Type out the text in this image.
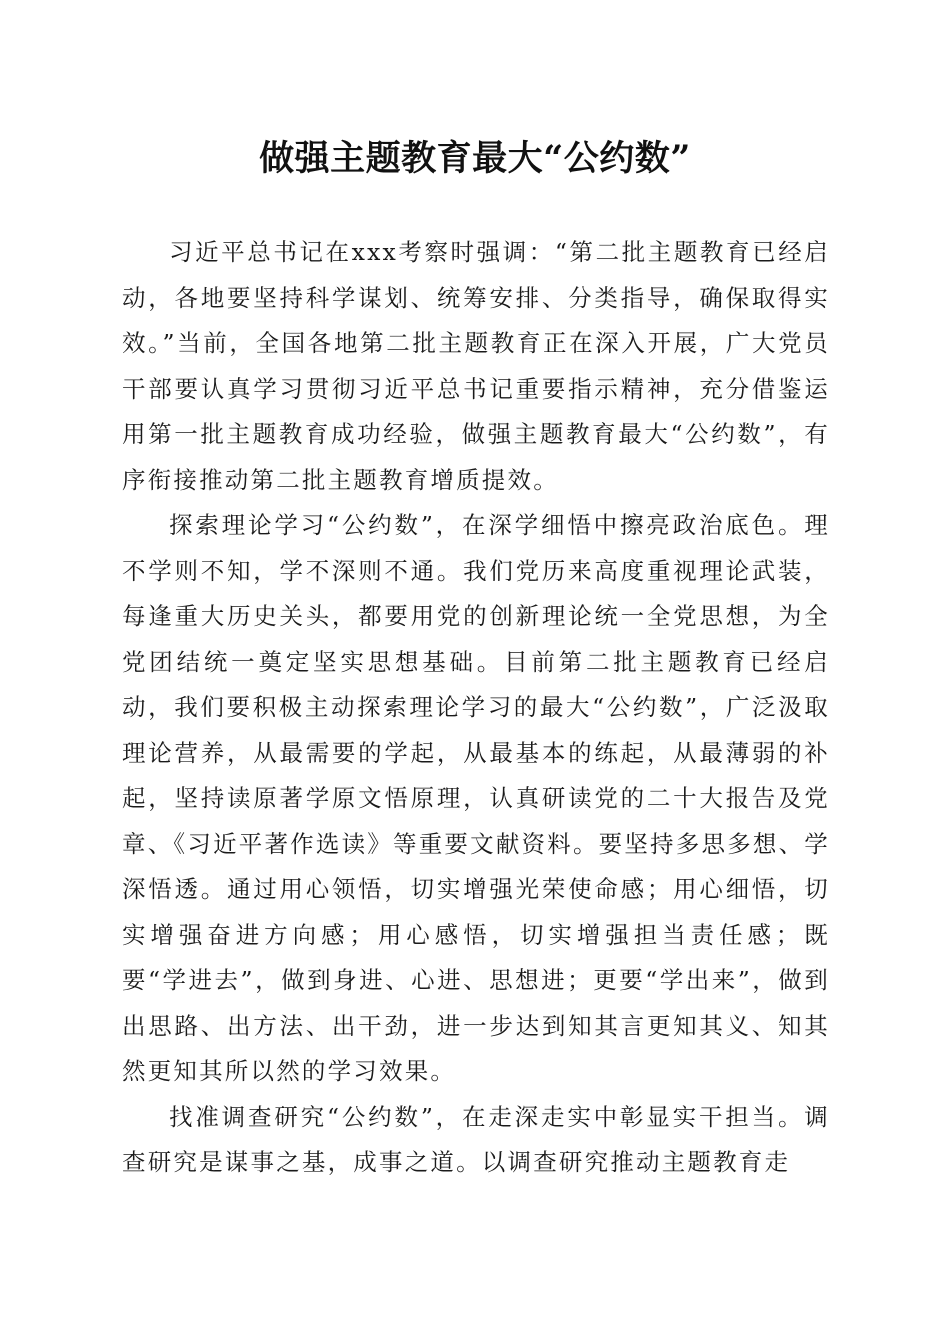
做强主题教育最大“公约数”

习近平总书记在xxx考察时强调：“第二批主题教育已经启动，各地要坚持科学谋划、统筹安排、分类指导，确保取得实效。”当前，全国各地第二批主题教育正在深入开展，广大党员干部要认真学习贯彻习近平总书记重要指示精神，充分借鉴运用第一批主题教育成功经验，做强主题教育最大“公约数”，有序衔接推动第二批主题教育增质提效。

探索理论学习“公约数”，在深学细悟中擦亮政治底色。理不学则不知，学不深则不通。我们党历来高度重视理论武装，每逢重大历史关头，都要用党的创新理论统一全党思想，为全党团结统一奠定坚实思想基础。目前第二批主题教育已经启动，我们要积极主动探索理论学习的最大“公约数”，广泛汲取理论营养，从最需要的学起，从最基本的练起，从最薄弱的补起，坚持读原著学原文悟原理，认真研读党的二十大报告及党章、《习近平著作选读》等重要文献资料。要坚持多思多想、学深悟透。通过用心领悟，切实增强光荣使命感；用心细悟，切实增强奋进方向感；用心感悟，切实增强担当责任感；既要“学进去”，做到身进、心进、思想进；更要“学出来”，做到出思路、出方法、出干劲，进一步达到知其言更知其义、知其然更知其所以然的学习效果。

找准调查研究“公约数”，在走深走实中彰显实干担当。调查研究是谋事之基，成事之道。以调查研究推动主题教育走
